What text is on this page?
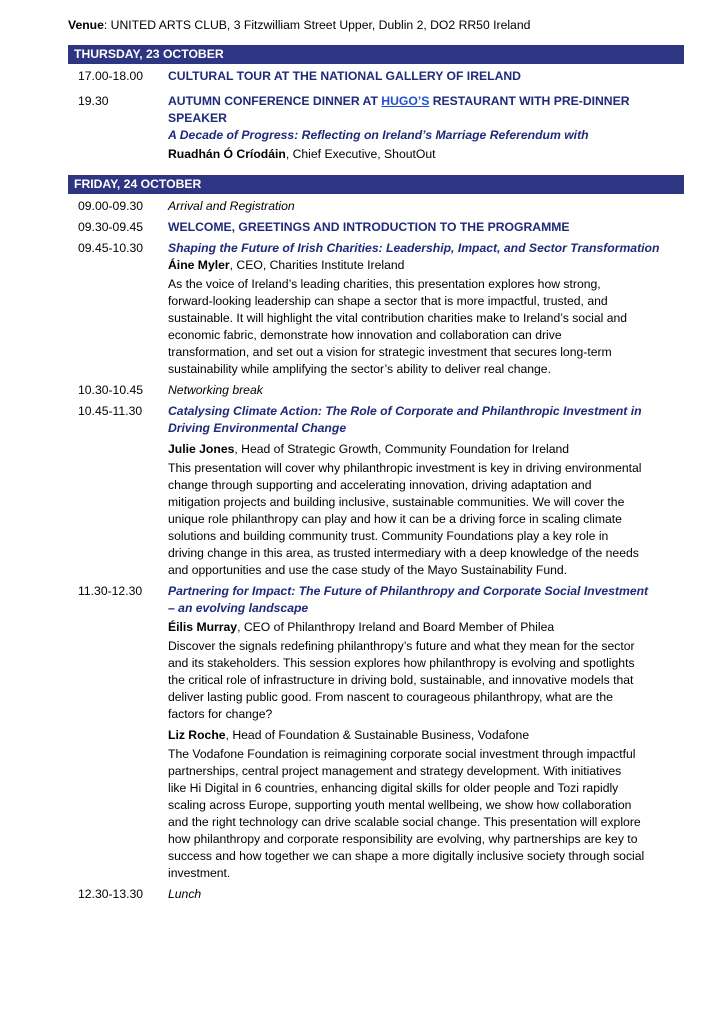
Venue: UNITED ARTS CLUB, 3 Fitzwilliam Street Upper, Dublin 2, DO2 RR50 Ireland
THURSDAY, 23 OCTOBER
17.00-18.00	CULTURAL TOUR AT THE NATIONAL GALLERY OF IRELAND
19.30	AUTUMN CONFERENCE DINNER AT HUGO’S RESTAURANT WITH PRE-DINNER SPEAKER
A Decade of Progress: Reflecting on Ireland’s Marriage Referendum with
Ruadhán Ó Críodáin, Chief Executive, ShoutOut
FRIDAY, 24 OCTOBER
09.00-09.30	Arrival and Registration
09.30-09.45	WELCOME, GREETINGS AND INTRODUCTION TO THE PROGRAMME
09.45-10.30	Shaping the Future of Irish Charities: Leadership, Impact, and Sector Transformation
Áine Myler, CEO, Charities Institute Ireland
As the voice of Ireland’s leading charities, this presentation explores how strong,
forward-looking leadership can shape a sector that is more impactful, trusted, and
sustainable. It will highlight the vital contribution charities make to Ireland’s social and
economic fabric, demonstrate how innovation and collaboration can drive
transformation, and set out a vision for strategic investment that secures long-term
sustainability while amplifying the sector’s ability to deliver real change.
10.30-10.45	Networking break
10.45-11.30	Catalysing Climate Action: The Role of Corporate and Philanthropic Investment in
Driving Environmental Change
Julie Jones, Head of Strategic Growth, Community Foundation for Ireland
This presentation will cover why philanthropic investment is key in driving environmental
change through supporting and accelerating innovation, driving adaptation and
mitigation projects and building inclusive, sustainable communities. We will cover the
unique role philanthropy can play and how it can be a driving force in scaling climate
solutions and building community trust. Community Foundations play a key role in
driving change in this area, as trusted intermediary with a deep knowledge of the needs
and opportunities and use the case study of the Mayo Sustainability Fund.
11.30-12.30	Partnering for Impact: The Future of Philanthropy and Corporate Social Investment
– an evolving landscape
Éilis Murray, CEO of Philanthropy Ireland and Board Member of Philea
Discover the signals redefining philanthropy’s future and what they mean for the sector
and its stakeholders. This session explores how philanthropy is evolving and spotlights
the critical role of infrastructure in driving bold, sustainable, and innovative models that
deliver lasting public good. From nascent to courageous philanthropy, what are the
factors for change?
Liz Roche, Head of Foundation & Sustainable Business, Vodafone
The Vodafone Foundation is reimagining corporate social investment through impactful
partnerships, central project management and strategy development. With initiatives
like Hi Digital in 6 countries, enhancing digital skills for older people and Tozi rapidly
scaling across Europe, supporting youth mental wellbeing, we show how collaboration
and the right technology can drive scalable social change. This presentation will explore
how philanthropy and corporate responsibility are evolving, why partnerships are key to
success and how together we can shape a more digitally inclusive society through social
investment.
12.30-13.30	Lunch
